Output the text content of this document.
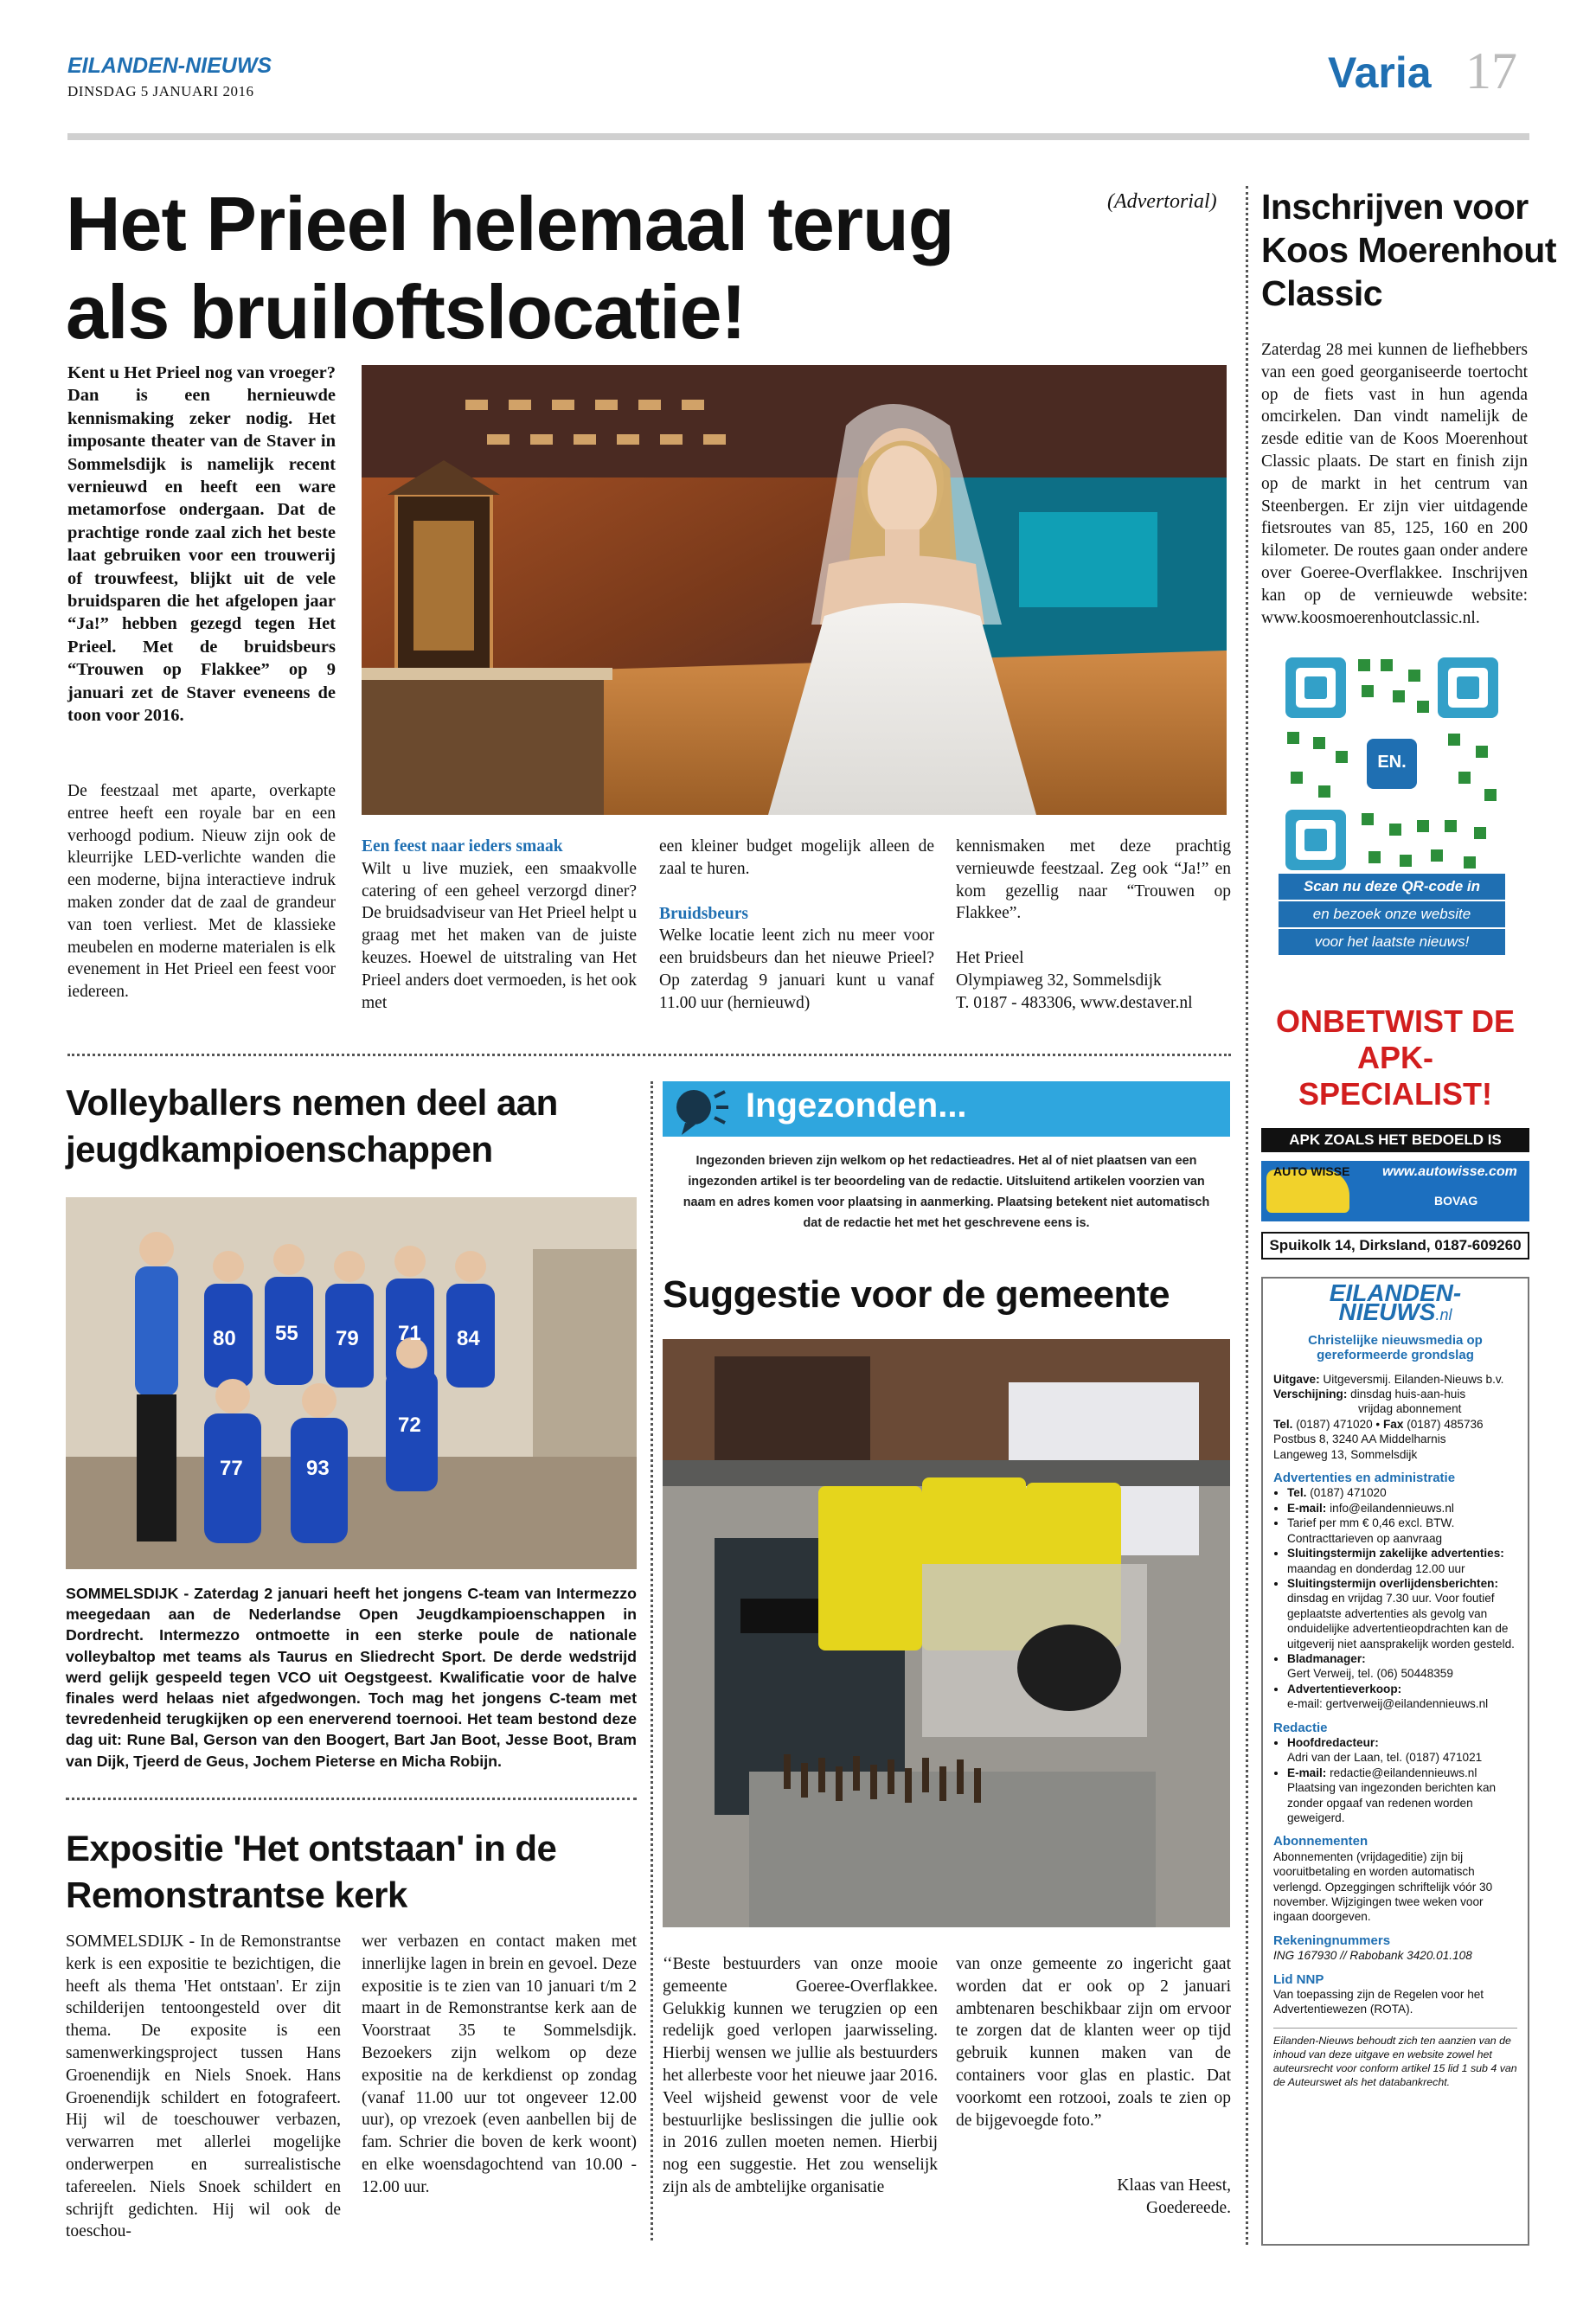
EILANDEN-NIEUWS
DINSDAG 5 JANUARI 2016	Varia 17
(Advertorial)
Het Prieel helemaal terug
als bruiloftslocatie!
Kent u Het Prieel nog van vroeger? Dan is een hernieuwde kennismaking zeker nodig. Het imposante theater van de Staver in Sommelsdijk is namelijk recent vernieuwd en heeft een ware metamorfose ondergaan. Dat de prachtige ronde zaal zich het beste laat gebruiken voor een trouwerij of trouwfeest, blijkt uit de vele bruidsparen die het afgelopen jaar “Ja!” hebben gezegd tegen Het Prieel. Met de bruidsbeurs “Trouwen op Flakkee” op 9 januari zet de Staver eveneens de toon voor 2016.
De feestzaal met aparte, overkapte entree heeft een royale bar en een verhoogd podium. Nieuw zijn ook de kleurrijke LED-verlichte wanden die een moderne, bijna interactieve indruk maken zonder dat de zaal de grandeur van toen verliest. Met de klassieke meubelen en moderne materialen is elk evenement in Het Prieel een feest voor iedereen.

Een feest naar ieders smaak

Wilt u live muziek, een smaakvolle catering of een geheel verzorgd diner? De bruidsadviseur van Het Prieel helpt u graag met het maken van de juiste keuzes. Hoewel de uitstraling van Het Prieel anders doet vermoeden, is het ook met

een kleiner budget mogelijk alleen de zaal te huren.

Bruidsbeurs

Welke locatie leent zich nu meer voor een bruidsbeurs dan het nieuwe Prieel? Op zaterdag 9 januari kunt u vanaf 11.00 uur (hernieuwd)

kennismaken met deze prachtig vernieuwde feestzaal. Zeg ook “Ja!” en kom gezellig naar “Trouwen op Flakkee”.

Het Prieel

Olympiaweg 32, Sommelsdijk

T. 0187 - 483306, www.destaver.nl

Inschrijven voor
Koos Moerenhout
Classic
Zaterdag 28 mei kunnen de liefhebbers van een goed georganiseerde toertocht op de fiets vast in hun agenda omcirkelen. Dan vindt namelijk de zesde editie van de Koos Moerenhout Classic plaats. De start en finish zijn op de markt in het centrum van Steenbergen. Er zijn vier uitdagende fietsroutes van 85, 125, 160 en 200 kilometer. De routes gaan onder andere over Goeree-Overflakkee. Inschrijven kan op de vernieuwde website: www.koosmoerenhoutclassic.nl.
EN.
Scan nu deze QR-code in
en bezoek onze website
voor het laatste nieuws!
ONBETWIST DE
APK-SPECIALIST!
APK ZOALS HET BEDOELD IS
AUTO WISSE www.autowisse.com
BOVAG
Spuikolk 14, Dirksland, 0187-609260
EILANDEN-NIEUWS.nl
Christelijke nieuwsmedia op
gereformeerde grondslag
Uitgave: Uitgeversmij. Eilanden-Nieuws b.v.
Verschijning: dinsdag huis-aan-huis
vrijdag abonnement
Tel. (0187) 471020 • Fax (0187) 485736
Postbus 8, 3240 AA Middelharnis
Langeweg 13, Sommelsdijk
Advertenties en administratie
• Tel. (0187) 471020
• E-mail: info@eilandennieuws.nl
• Tarief per mm € 0,46 excl. BTW.
Contracttarieven op aanvraag
• Sluitingstermijn zakelijke advertenties:
maandag en donderdag 12.00 uur
• Sluitingstermijn overlijdensberichten:
dinsdag en vrijdag 7.30 uur. Voor foutief geplaatste advertenties als gevolg van onduidelijke advertentieopdrachten kan de uitgeverij niet aansprakelijk worden gesteld.
• Bladmanager:
Gert Verweij, tel. (06) 50448359
• Advertentieverkoop:
e-mail: gertverweij@eilandennieuws.nl
Redactie
• Hoofdredacteur:
Adri van der Laan, tel. (0187) 471021
• E-mail: redactie@eilandennieuws.nl
Plaatsing van ingezonden berichten kan zonder opgaaf van redenen worden geweigerd.
Abonnementen
Abonnementen (vrijdageditie) zijn bij vooruitbetaling en worden automatisch verlengd. Opzeggingen schriftelijk vóór 30 november. Wijzigingen twee weken voor ingaan doorgeven.
Rekeningnummers
ING 167930 // Rabobank 3420.01.108
Lid NNP
Van toepassing zijn de Regelen voor het Advertentiewezen (ROTA).
Eilanden-Nieuws behoudt zich ten aanzien van de inhoud van deze uitgave en website zowel het auteursrecht voor conform artikel 15 lid 1 sub 4 van de Auteurswet als het databankrecht.
Volleyballers nemen deel aan
jeugdkampioenschappen
80 55 79 71 84
72
77	93
SOMMELSDIJK - Zaterdag 2 januari heeft het jongens C-team van Intermezzo meegedaan aan de Nederlandse Open Jeugdkampioenschappen in Dordrecht. Intermezzo ontmoette in een sterke poule de nationale volleybaltop met teams als Taurus en Sliedrecht Sport. De derde wedstrijd werd gelijk gespeeld tegen VCO uit Oegstgeest. Kwalificatie voor de halve finales werd helaas niet afgedwongen. Toch mag het jongens C-team met tevredenheid terugkijken op een enerverend toernooi. Het team bestond deze dag uit: Rune Bal, Gerson van den Boogert, Bart Jan Boot, Jesse Boot, Bram van Dijk, Tjeerd de Geus, Jochem Pieterse en Micha Robijn.
Expositie 'Het ontstaan' in de
Remonstrantse kerk
SOMMELSDIJK - In de Remonstrantse kerk is een expositie te bezichtigen, die heeft als thema 'Het ontstaan'. Er zijn schilderijen tentoongesteld over dit thema. De exposite is een samenwerkingsproject tussen Hans Groenendijk en Niels Snoek. Hans Groenendijk schildert en fotografeert. Hij wil de toeschouwer verbazen, verwarren met allerlei mogelijke onderwerpen en surrealistische tafereelen. Niels Snoek schildert en schrijft gedichten. Hij wil ook de toeschou-
wer verbazen en contact maken met innerlijke lagen in brein en gevoel. Deze expositie is te zien van 10 januari t/m 2 maart in de Remonstrantse kerk aan de Voorstraat 35 te Sommelsdijk. Bezoekers zijn welkom op deze expositie na de kerkdienst op zondag (vanaf 11.00 uur tot ongeveer 12.00 uur), op vrezoek (even aanbellen bij de fam. Schrier die boven de kerk woont) en elke woensdagochtend van 10.00 - 12.00 uur.
Ingezonden...
Ingezonden brieven zijn welkom op het redactieadres. Het al of niet plaatsen van een ingezonden artikel is ter beoordeling van de redactie. Uitsluitend artikelen voorzien van naam en adres komen voor plaatsing in aanmerking. Plaatsing betekent niet automatisch dat de redactie het met het geschrevene eens is.
Suggestie voor de gemeente
‘‘Beste bestuurders van onze mooie gemeente Goeree-Overflakkee. Gelukkig kunnen we terugzien op een redelijk goed verlopen jaarwisseling. Hierbij wensen we jullie als bestuurders het allerbeste voor het nieuwe jaar 2016. Veel wijsheid gewenst voor de vele bestuurlijke beslissingen die jullie ook in 2016 zullen moeten nemen. Hierbij nog een suggestie. Het zou wenselijk zijn als de ambtelijke organisatie
van onze gemeente zo ingericht gaat worden dat er ook op 2 januari ambtenaren beschikbaar zijn om ervoor te zorgen dat de klanten weer op tijd gebruik kunnen maken van de containers voor glas en plastic. Dat voorkomt een rotzooi, zoals te zien op de bijgevoegde foto.”
Klaas van Heest,
Goedereede.
